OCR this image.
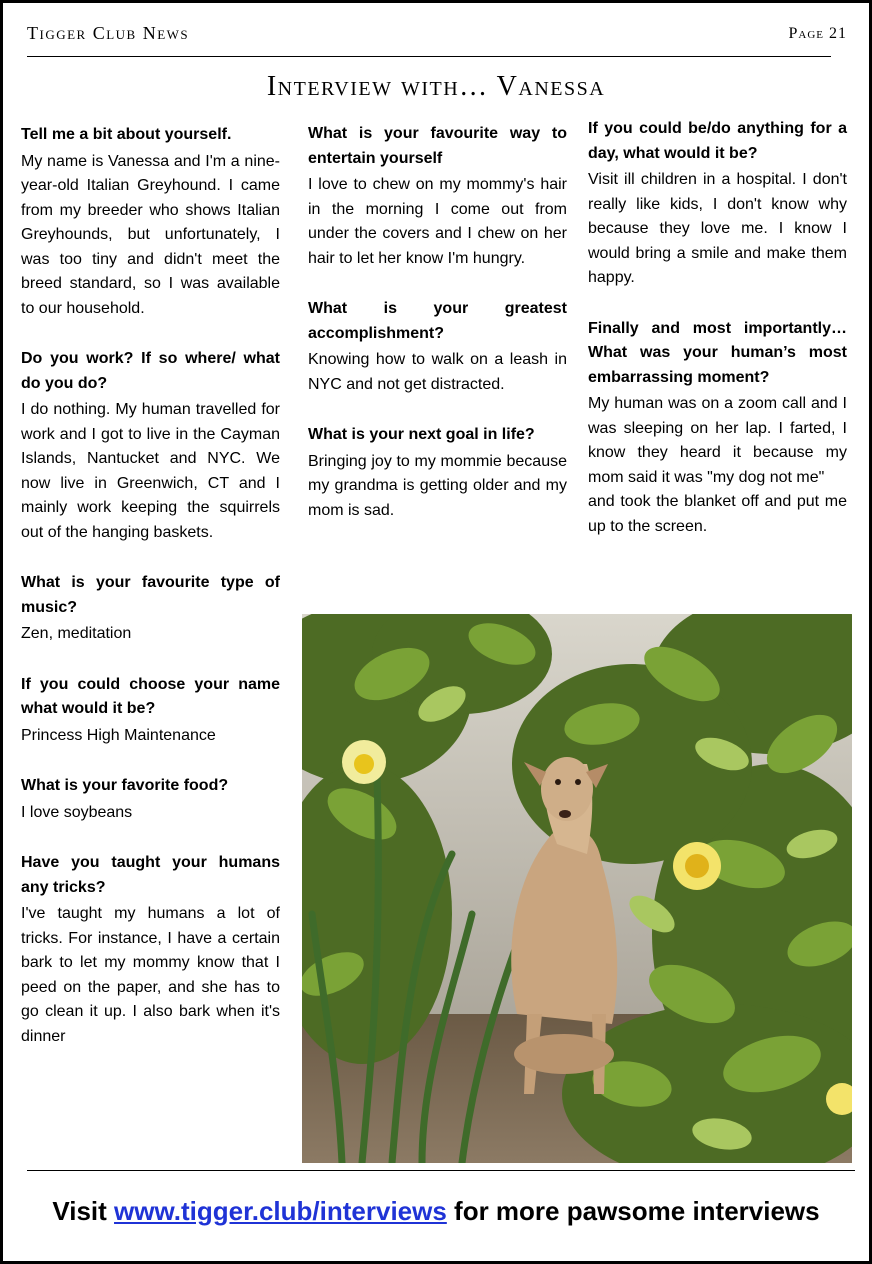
Tigger Club News	Page 21
Interview with… Vanessa

Tell me a bit about yourself.

My name is Vanessa and I'm a nine-year-old Italian Greyhound. I came from my breeder who shows Italian Greyhounds, but unfortunately, I was too tiny and didn't meet the breed standard, so I was available to our household.

Do you work? If so where/ what do you do?

I do nothing. My human travelled for work and I got to live in the Cayman Islands, Nantucket and NYC. We now live in Greenwich, CT and I mainly work keeping the squirrels out of the hanging baskets.

What is your favourite type of music?

Zen, meditation

If you could choose your name what would it be?

Princess High Maintenance

What is your favorite food?

I love soybeans

Have you taught your humans any tricks?

I've taught my humans a lot of tricks. For instance, I have a certain bark to let my mommy know that I peed on the paper, and she has to go clean it up. I also bark when it's dinner

What is your favourite way to entertain yourself

I love to chew on my mommy's hair in the morning I come out from under the covers and I chew on her hair to let her know I'm hungry.

What is your greatest accomplishment?

Knowing how to walk on a leash in NYC and not get distracted.

What is your next goal in life?

Bringing joy to my mommie because my grandma is getting older and my mom is sad.

If you could be/do anything for a day, what would it be?

Visit ill children in a hospital. I don't really like kids, I don't know why because they love me. I know I would bring a smile and make them happy.

Finally and most importantly… What was your human’s most embarrassing moment?

My human was on a zoom call and I was sleeping on her lap. I farted, I know they heard it because my mom said it was "my dog not me"
and took the blanket off and put me up to the screen.

Visit www.tigger.club/interviews for more pawsome interviews
